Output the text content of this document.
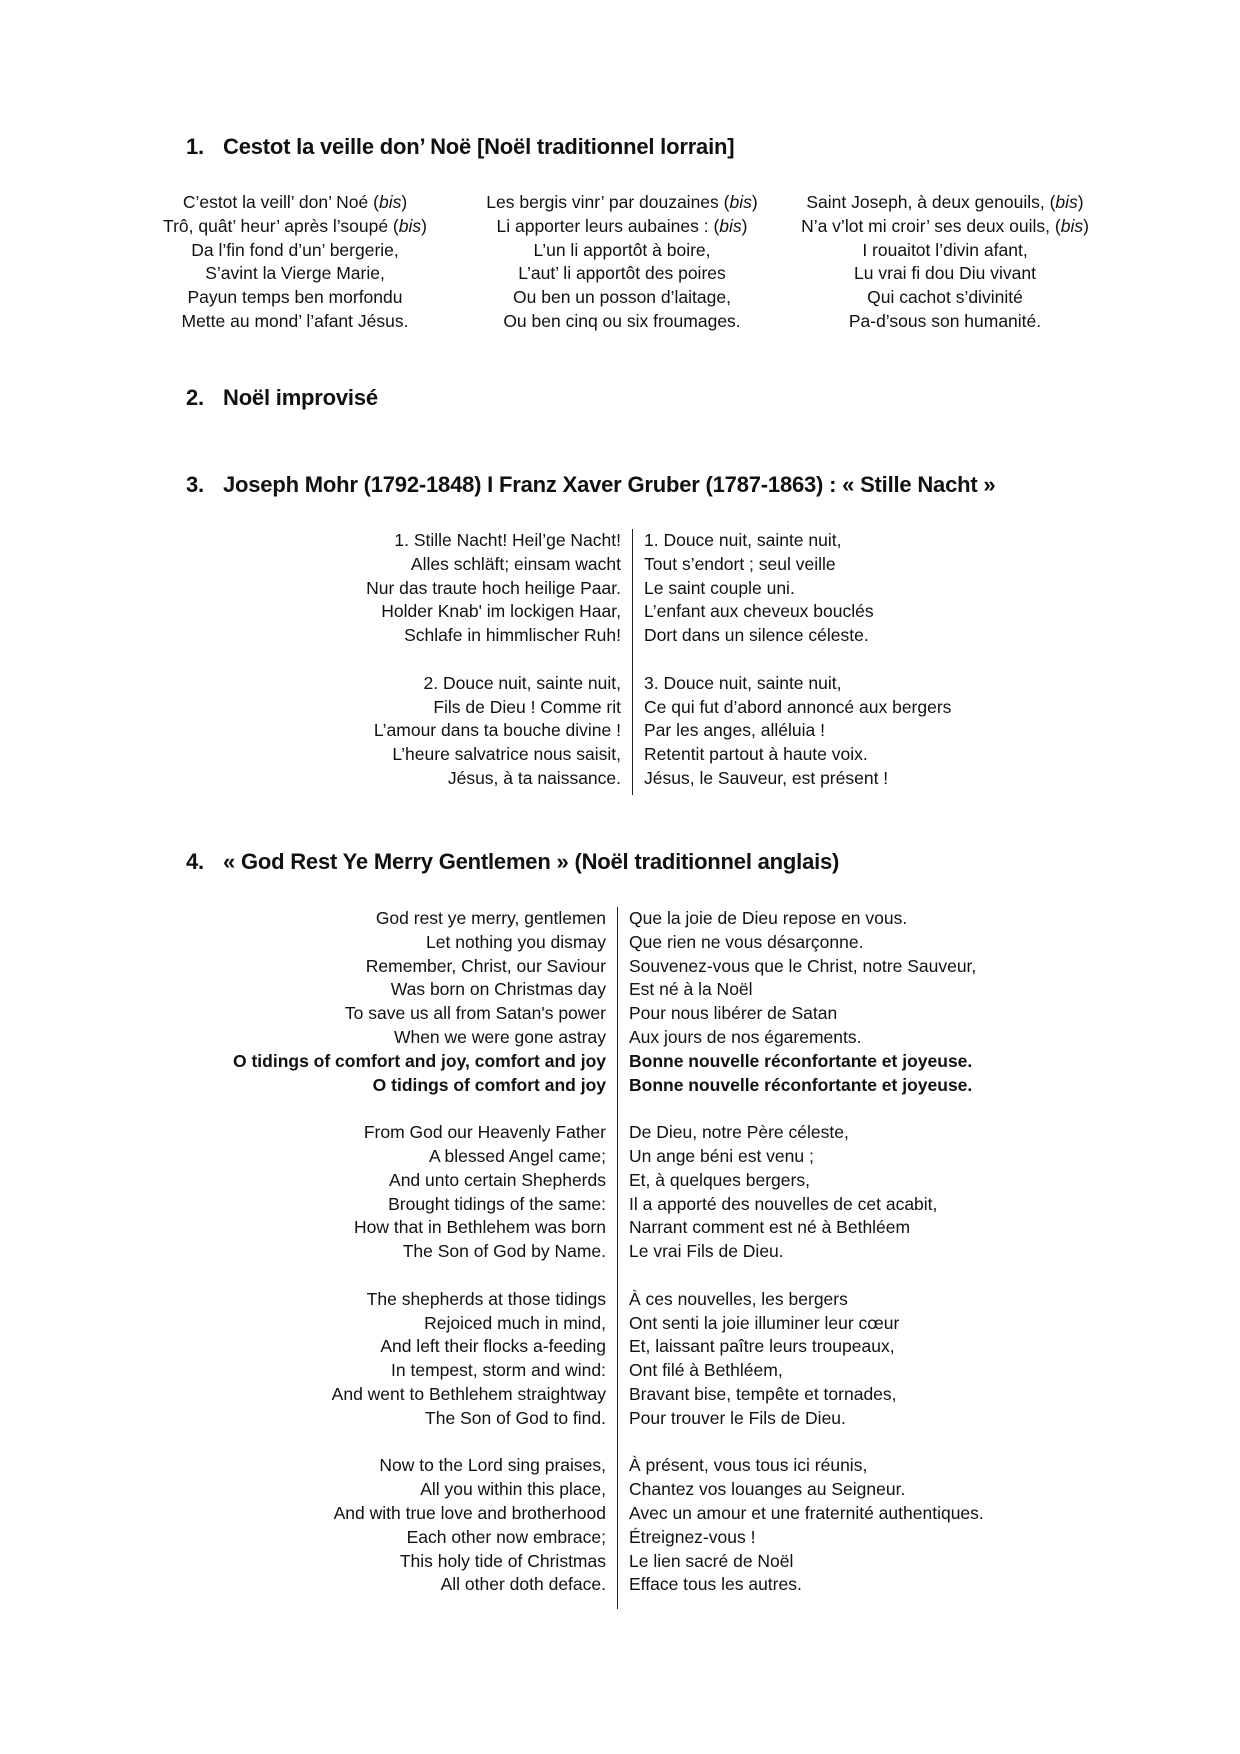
1. Cestot la veille don’ Noë [Noël traditionnel lorrain]
2. Noël improvisé
3. Joseph Mohr (1792-1848) I Franz Xaver Gruber (1787-1863) : « Stille Nacht »
4. « God Rest Ye Merry Gentlemen » (Noël traditionnel anglais)
C’estot la veill’ don’ Noé (bis)
Trô, quât’ heur’ après l’soupé (bis)
Da l’fin fond d’un’ bergerie,
S’avint la Vierge Marie,
Payun temps ben morfondu
Mette au mond’ l’afant Jésus.
Les bergis vinr’ par douzaines (bis)
Li apporter leurs aubaines : (bis)
L’un li apportôt à boire,
L’aut’ li apportôt des poires
Ou ben un posson d’laitage,
Ou ben cinq ou six froumages.
Saint Joseph, à deux genouils, (bis)
N’a v’lot mi croir’ ses deux ouils, (bis)
I rouaitot l’divin afant,
Lu vrai fi dou Diu vivant
Qui cachot s’divinité
Pa-d’sous son humanité.
1. Stille Nacht! Heil’ge Nacht!
Alles schläft; einsam wacht
Nur das traute hoch heilige Paar.
Holder Knab' im lockigen Haar,
Schlafe in himmlischer Ruh!
2. Douce nuit, sainte nuit,
Fils de Dieu ! Comme rit
L’amour dans ta bouche divine !
L’heure salvatrice nous saisit,
Jésus, à ta naissance.
1. Douce nuit, sainte nuit,
Tout s’endort ; seul veille
Le saint couple uni.
L’enfant aux cheveux bouclés
Dort dans un silence céleste.
3. Douce nuit, sainte nuit,
Ce qui fut d’abord annoncé aux bergers
Par les anges, alléluia !
Retentit partout à haute voix.
Jésus, le Sauveur, est présent !
God rest ye merry, gentlemen
Let nothing you dismay
Remember, Christ, our Saviour
Was born on Christmas day
To save us all from Satan's power
When we were gone astray
O tidings of comfort and joy, comfort and joy
O tidings of comfort and joy
From God our Heavenly Father
A blessed Angel came;
And unto certain Shepherds
Brought tidings of the same:
How that in Bethlehem was born
The Son of God by Name.
The shepherds at those tidings
Rejoiced much in mind,
And left their flocks a-feeding
In tempest, storm and wind:
And went to Bethlehem straightway
The Son of God to find.
Now to the Lord sing praises,
All you within this place,
And with true love and brotherhood
Each other now embrace;
This holy tide of Christmas
All other doth deface.
Que la joie de Dieu repose en vous.
Que rien ne vous désarçonne.
Souvenez-vous que le Christ, notre Sauveur,
Est né à la Noël
Pour nous libérer de Satan
Aux jours de nos égarements.
Bonne nouvelle réconfortante et joyeuse.
Bonne nouvelle réconfortante et joyeuse.
De Dieu, notre Père céleste,
Un ange béni est venu ;
Et, à quelques bergers,
Il a apporté des nouvelles de cet acabit,
Narrant comment est né à Bethléem
Le vrai Fils de Dieu.
À ces nouvelles, les bergers
Ont senti la joie illuminer leur cœur
Et, laissant paître leurs troupeaux,
Ont filé à Bethléem,
Bravant bise, tempête et tornades,
Pour trouver le Fils de Dieu.
À présent, vous tous ici réunis,
Chantez vos louanges au Seigneur.
Avec un amour et une fraternité authentiques.
Étreignez-vous !
Le lien sacré de Noël
Efface tous les autres.
